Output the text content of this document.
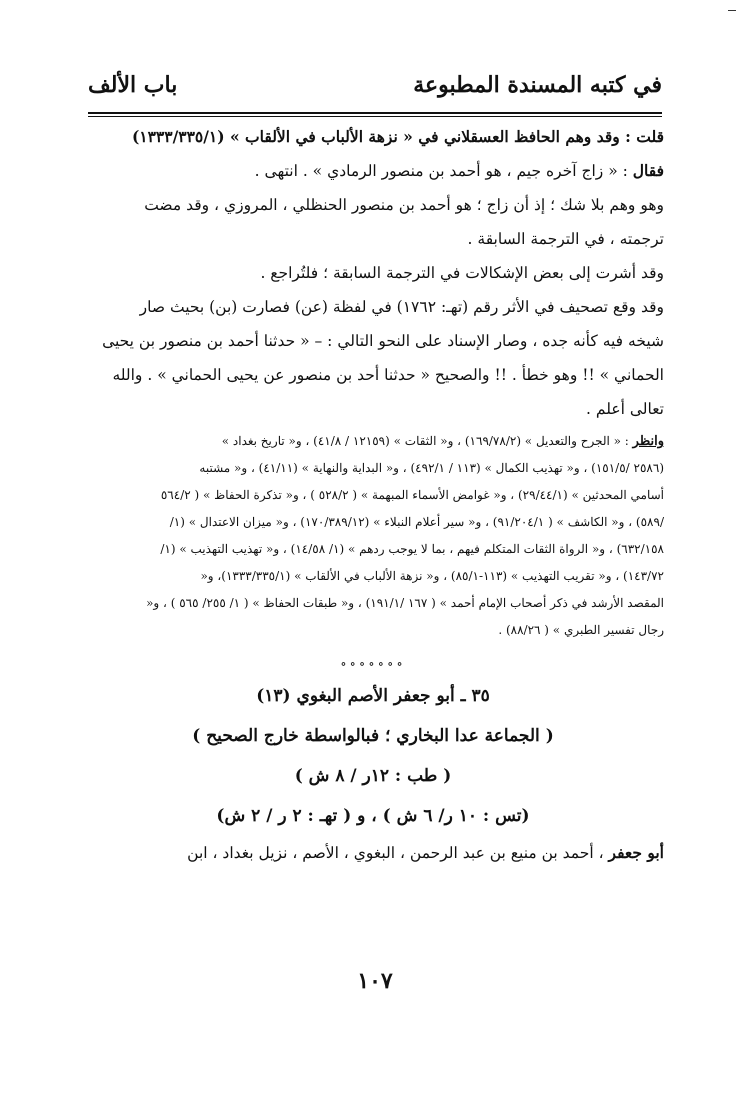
في كتبه المسندة المطبوعة
باب الألف
قلت : وقد وهم الحافظ العسقلاني في « نزهة الألباب في الألقاب » (١٣٣٣/٣٣٥/١)
فقال : « زاج آخره جيم ، هو أحمد بن منصور الرمادي » . انتهى .
وهو وهم بلا شك ؛ إذ أن زاج ؛ هو أحمد بن منصور الحنظلي ، المروزي ، وقد مضت
ترجمته ، في الترجمة السابقة .
وقد أشرت إلى بعض الإشكالات في الترجمة السابقة ؛ فلتُراجع .
وقد وقع تصحيف في الأثر رقم (تهـ: ١٧٦٢) في لفظة (عن) فصارت (بن) بحيث صار
شيخه فيه كأنه جده ، وصار الإسناد على النحو التالي : – « حدثنا أحمد بن منصور بن يحيى
الحماني » !! وهو خطأ . !! والصحيح « حدثنا أحد بن منصور عن يحيى الحماني » . والله
تعالى أعلم .
وانظر : « الجرح والتعديل » (١٦٩/٧٨/٢) ، و« الثقات » (١٢١٥٩ / ٤١/٨) ، و« تاريخ بغداد »
(٢٥٨٦ /١٥١/٥) ، و« تهذيب الكمال » (١١٣ / ٤٩٢/١) ، و« البداية والنهاية » (٤١/١١) ، و« مشتبه
أسامي المحدثين » (٢٩/٤٤/١) ، و« غوامض الأسماء المبهمة » ( ٥٢٨/٢ ) ، و« تذكرة الحفاظ » ( ٥٦٤/٢
/٥٨٩) ، و« الكاشف » ( ٩١/٢٠٤/١) ، و« سير أعلام النبلاء » (١٧٠/٣٨٩/١٢) ، و« ميزان الاعتدال » (١/
٦٣٢/١٥٨) ، و« الرواة الثقات المتكلم فيهم ، بما لا يوجب ردهم » (١/ ١٤/٥٨) ، و« تهذيب التهذيب » (١/
١٤٣/٧٢) ، و« تقريب التهذيب » (١١٣-٨٥/١) ، و« نزهة الألباب في الألقاب » (١٣٣٣/٣٣٥/١)، و«
المقصد الأرشد في ذكر أصحاب الإمام أحمد » ( ١٦٧ /١٩١/١) ، و« طبقات الحفاظ » ( ١/ ٢٥٥/ ٥٦٥ ) ، و«
رجال تفسير الطبري » ( ٨٨/٢٦) .
∘∘∘∘∘∘∘
٣٥ ـ أبو جعفر الأصم البغوي (١٣)
( الجماعة عدا البخاري ؛ فبالواسطة خارج الصحيح )
( طب : ١٢ر / ٨ ش )
(تس : ١٠ ر/ ٦ ش ) ، و ( تهـ : ٢ ر / ٢ ش)
أبو جعفر ، أحمد بن منيع بن عبد الرحمن ، البغوي ، الأصم ، نزيل بغداد ، ابن
١٠٧
